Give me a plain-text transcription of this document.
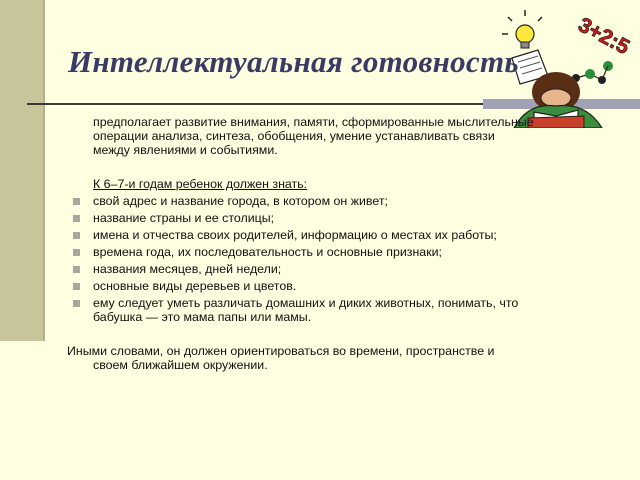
3+2:5
Интеллектуальная готовность
предполагает развитие внимания, памяти, сформированные мыслительные
операции анализа, синтеза, обобщения, умение устанавливать связи
между явлениями и событиями.
К 6–7-и годам ребенок должен знать:
свой адрес и название города, в котором он живет;
название страны и ее столицы;
имена и отчества своих родителей, информацию о местах их работы;
времена года, их последовательность и основные признаки;
названия месяцев, дней недели;
основные виды деревьев и цветов.
ему следует уметь различать домашних и диких животных, понимать, что
бабушка — это мама папы или мамы.
Иными словами, он должен ориентироваться во времени, пространстве и
своем ближайшем окружении.
